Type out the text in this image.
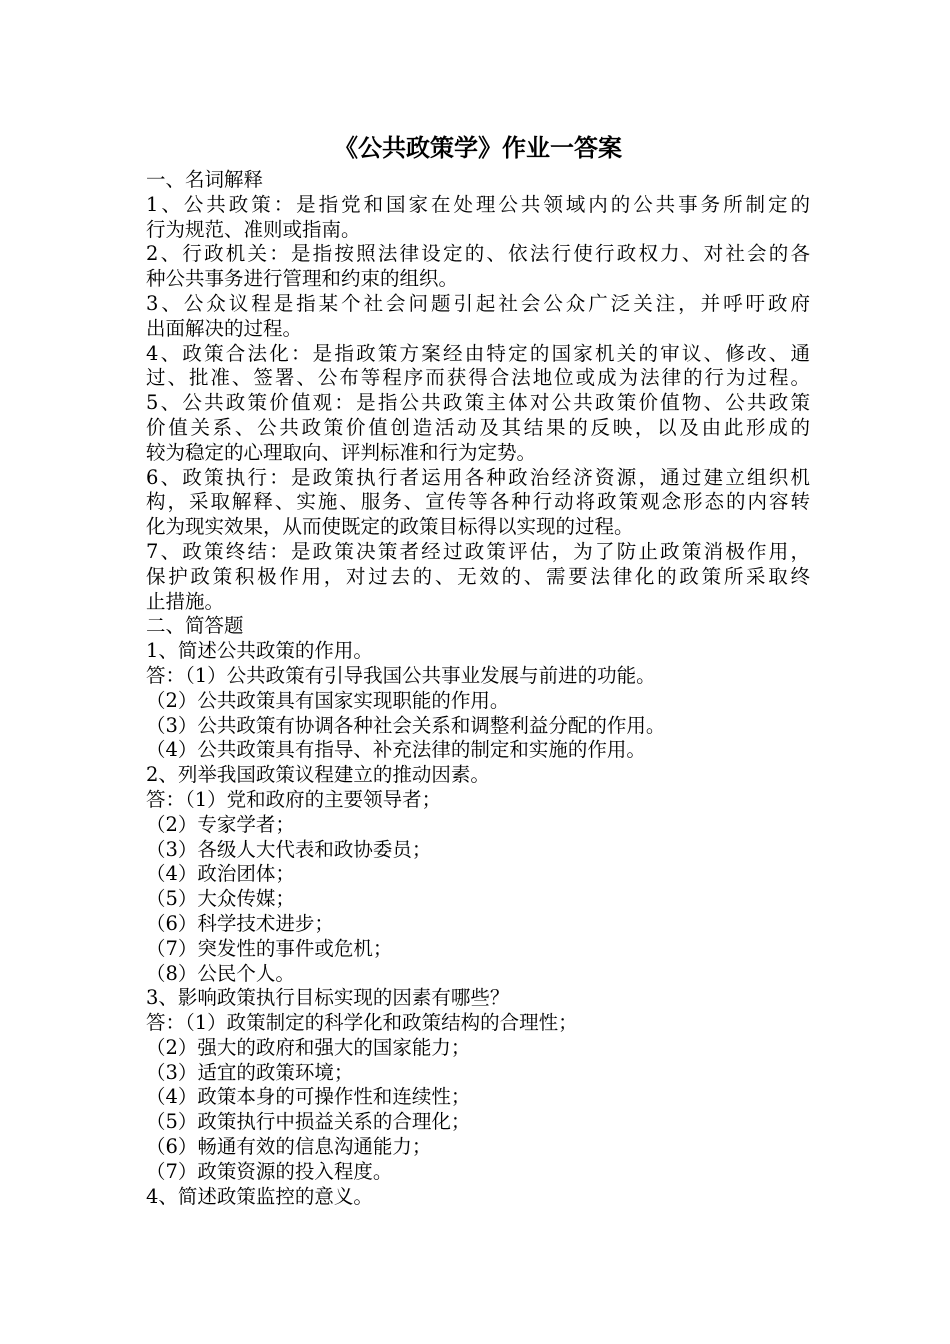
《公共政策学》作业一答案

一、名词解释

1、公共政策：是指党和国家在处理公共领域内的公共事务所制定的

行为规范、准则或指南。

2、行政机关：是指按照法律设定的、依法行使行政权力、对社会的各

种公共事务进行管理和约束的组织。

3、公众议程是指某个社会问题引起社会公众广泛关注，并呼吁政府

出面解决的过程。

4、政策合法化：是指政策方案经由特定的国家机关的审议、修改、通

过、批准、签署、公布等程序而获得合法地位或成为法律的行为过程。

5、公共政策价值观：是指公共政策主体对公共政策价值物、公共政策

价值关系、公共政策价值创造活动及其结果的反映，以及由此形成的

较为稳定的心理取向、评判标准和行为定势。

6、政策执行：是政策执行者运用各种政治经济资源，通过建立组织机

构，采取解释、实施、服务、宣传等各种行动将政策观念形态的内容转

化为现实效果，从而使既定的政策目标得以实现的过程。

7、政策终结：是政策决策者经过政策评估，为了防止政策消极作用，

保护政策积极作用，对过去的、无效的、需要法律化的政策所采取终

止措施。

二、简答题

1、简述公共政策的作用。

答：（1）公共政策有引导我国公共事业发展与前进的功能。

（2）公共政策具有国家实现职能的作用。

（3）公共政策有协调各种社会关系和调整利益分配的作用。

（4）公共政策具有指导、补充法律的制定和实施的作用。

2、列举我国政策议程建立的推动因素。

答：（1）党和政府的主要领导者；

（2）专家学者；

（3）各级人大代表和政协委员；

（4）政治团体；

（5）大众传媒；

（6）科学技术进步；

（7）突发性的事件或危机；

（8）公民个人。

3、影响政策执行目标实现的因素有哪些？

答：（1）政策制定的科学化和政策结构的合理性；

（2）强大的政府和强大的国家能力；

（3）适宜的政策环境；

（4）政策本身的可操作性和连续性；

（5）政策执行中损益关系的合理化；

（6）畅通有效的信息沟通能力；

（7）政策资源的投入程度。

4、简述政策监控的意义。
